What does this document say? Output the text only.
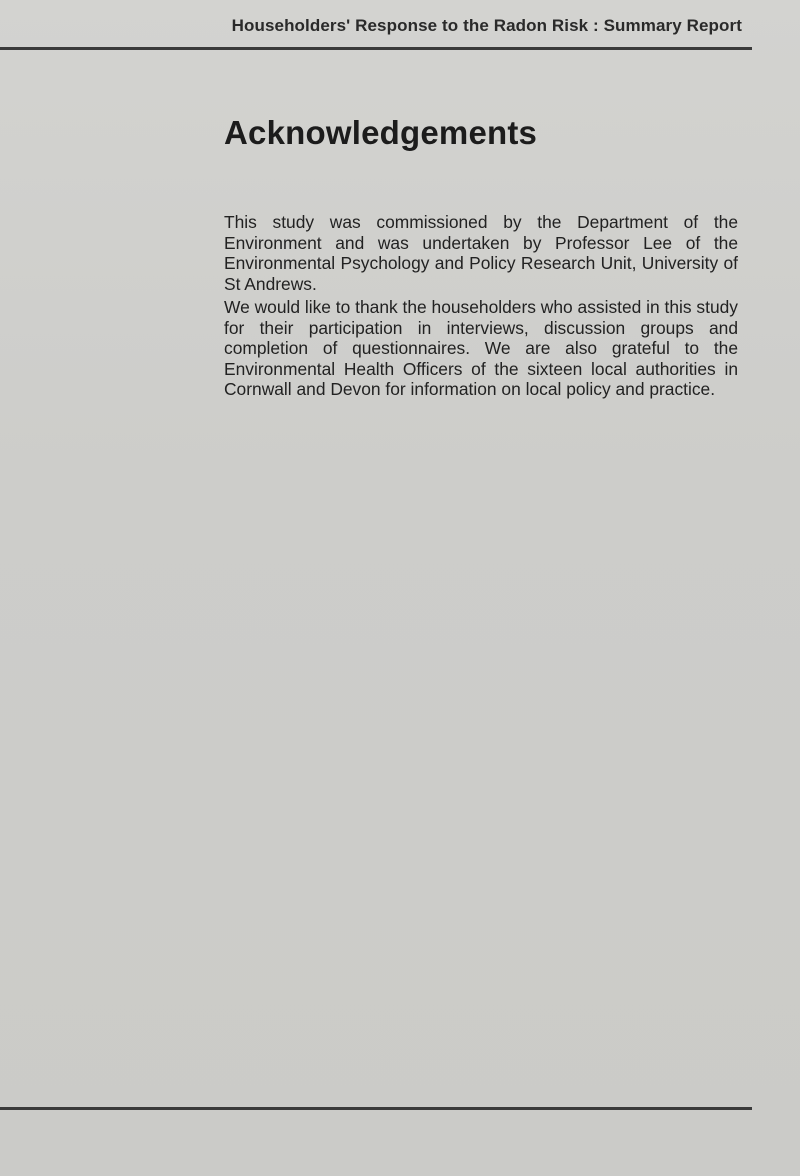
Householders' Response to the Radon Risk : Summary Report
Acknowledgements

This study was commissioned by the Department of the Environment and was undertaken by Professor Lee of the Environmental Psychology and Policy Research Unit, University of St Andrews.

We would like to thank the householders who assisted in this study for their participation in interviews, discussion groups and completion of questionnaires. We are also grateful to the Environmental Health Officers of the sixteen local authorities in Cornwall and Devon for information on local policy and practice.
